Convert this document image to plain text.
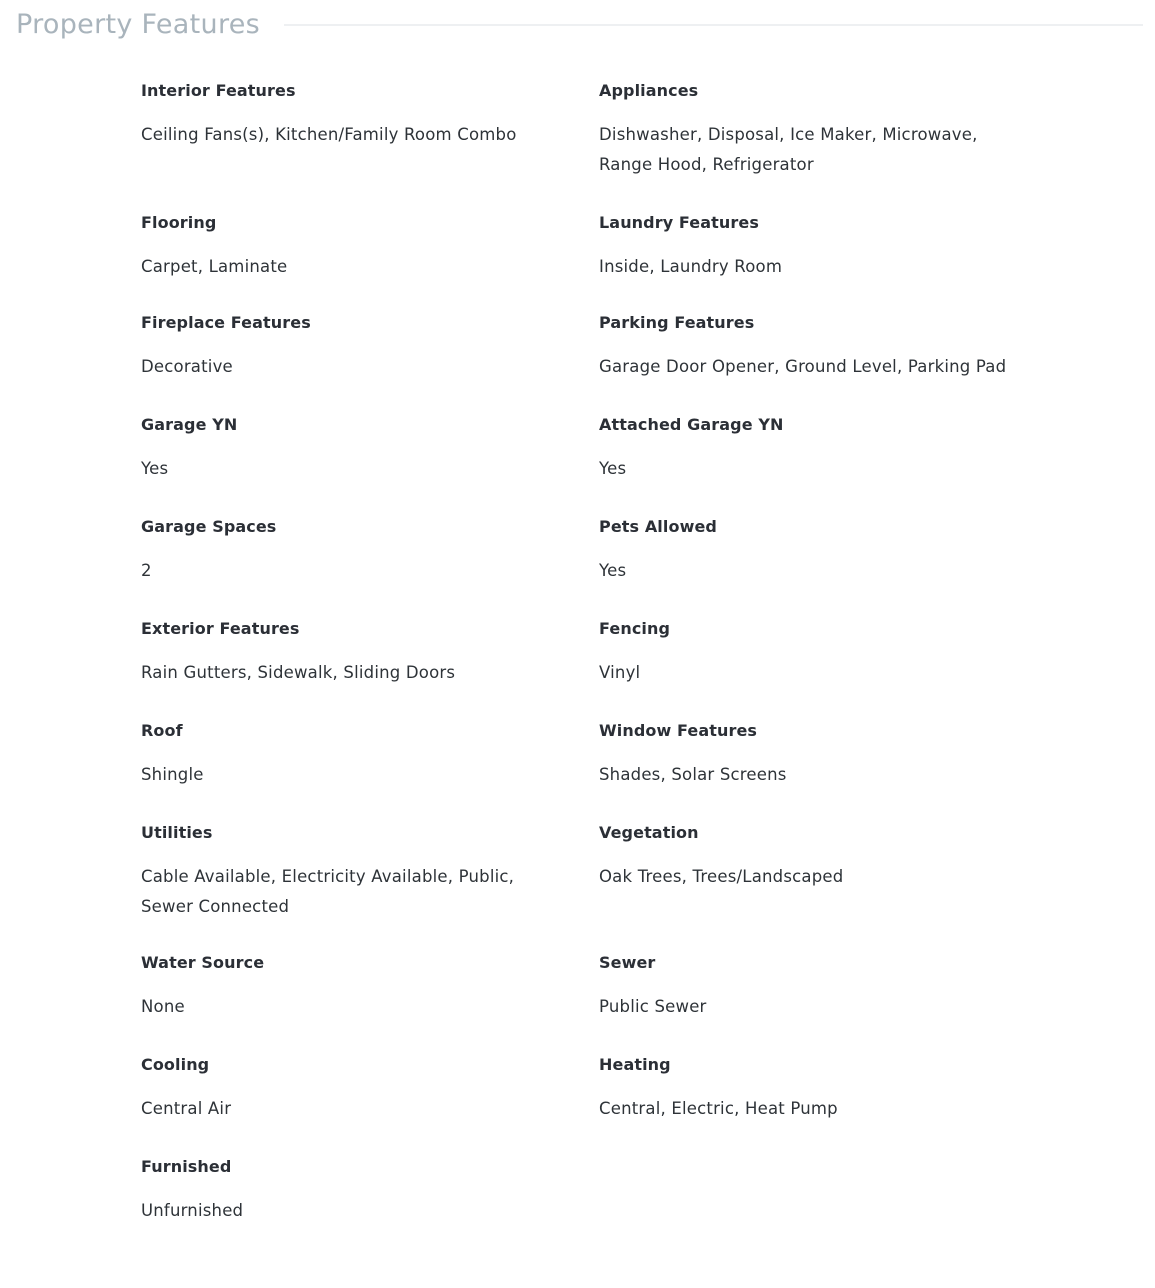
Property Features
Interior Features
Ceiling Fans(s), Kitchen/Family Room Combo
Appliances
Dishwasher, Disposal, Ice Maker, Microwave, Range Hood, Refrigerator
Flooring
Carpet, Laminate
Laundry Features
Inside, Laundry Room
Fireplace Features
Decorative
Parking Features
Garage Door Opener, Ground Level, Parking Pad
Garage YN
Yes
Attached Garage YN
Yes
Garage Spaces
2
Pets Allowed
Yes
Exterior Features
Rain Gutters, Sidewalk, Sliding Doors
Fencing
Vinyl
Roof
Shingle
Window Features
Shades, Solar Screens
Utilities
Cable Available, Electricity Available, Public, Sewer Connected
Vegetation
Oak Trees, Trees/Landscaped
Water Source
None
Sewer
Public Sewer
Cooling
Central Air
Heating
Central, Electric, Heat Pump
Furnished
Unfurnished
